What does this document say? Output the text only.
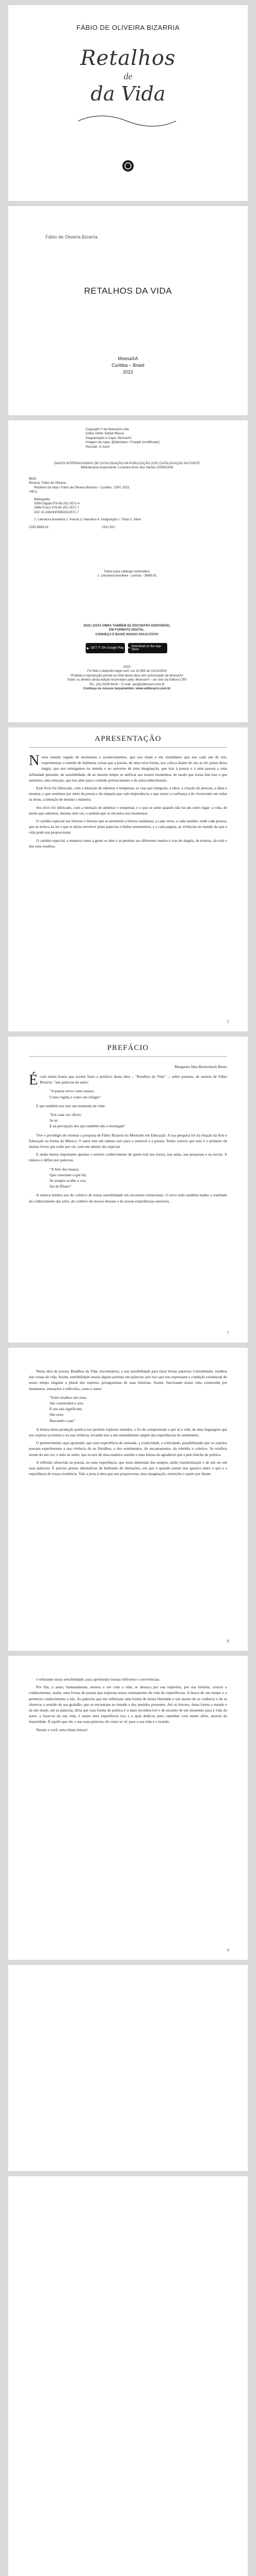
FÁBIO DE OLIVEIRA BIZARRIA
Retalhos
de
da Vida
Fábio de Oliveira Bizarria
RETALHOS DA VIDA
MoesaXA
Curitiba – Brasil
2022
Copyright © da MoesaXA Ltda.
Editor-chefe: Rafael Moura
Diagramação e Capa: MoesaXA
Imagem da capa: @fabiobaru / Freepik (modificado)
Revisão: O Autor
DADOS INTERNACIONAIS DE CATALOGAÇÃO NA PUBLICAÇÃO (CIP) CATALOGAÇÃO NA FONTE
Bibliotecária responsável: Luzenira Alves dos Santos CRB9/1506
B625
Bizarria, Fábio de Oliveira.
Retalhos da Vida / Fábio de Oliveira Bizarria – Curitiba : CRV, 2022.
146 p.
Bibliografia
ISBN Digital 978-65-251-3572-4
ISBN Físico 978-65-251-3571-7
DOI 10.24824/978652513571.7
1. Literatura brasileira 2. Poesia 3. Narrativa 4. Imaginação I. Título II. Série.
CDD B869.91                                                            CDU 821
Índice para catálogo sistemático
1. Literatura brasileira – poesia – B869.91
2022 | ESTA OBRA TAMBÉM SE ENCONTRA DISPONÍVEL
EM FORMATO DIGITAL.
CONHEÇA E BAIXE NOSSO APLICATIVO!
▶ GET IT ON Google Play ● Download on the App Store
2022
Foi feito o depósito legal conf. Lei 10.994 de 14/12/2004
Proibida a reprodução parcial ou total desta obra sem autorização da MoesaXA
Todos os direitos desta edição reservados pela: MoesaXA – um selo da Editora CRV
Tel.: (41) 3039-6418 – E-mail: sac@editoracrv.com.br
Conheça os nossos lançamentos: www.editoracrv.com.br
APRESENTAÇÃO

Nosso mundo regado de momentos e acontecimentos, que nos tiram e em simultâneo que nos cada um de nós, experimentar o sentido de inúmeras coisas que a poesia, de uma certa forma, nos coloca diante de nós ao ler partes desta magia, que nos entregamos no mundo e no universo de uma imaginação, que traz à poesia e à uma pessoa a uma infinidade pulsante, de sensibilidade, de ao mesmo tempo se unificar aos nossos momentos, de modo que nossa fala traz o que sentimos, uma emoção, que nos abre para o sentido pertencimento e do autoconhecimento.

Esse livro foi fabricado, com a intenção de adentrar e tempestar, as vias que integram, a ideia, a criação do pessoal, a ideia e mostrar, o que sentimos por meio da poesia e da empatia que vale importância, e que existe a confiança e do vivenciado em todas as áreas, a intenção de ensinar a maneira.

Seu livro foi fabricado, com a intenção de adentrar e tempestar, e o que se sente quando não há um outro lugar: a vida, de modo que sabemos, mesmo sem ver, o sentido que se encontra nos momentos.

O carinho especial aos leitores e leitoras que se permitem a leitura cuidadosa, a cada verso, a cada sentido, onde cada pessoa, que se arrisca ao ler e que se deixa envolver pelas palavras e lindos sentimentos, e a cada página, as vivências no mundo do que a vida pode nos proporcionar.

O carinho especial, a maneira como a gente se abre e se permite aos diferentes modos e vias de alegria, de tristeza, da vida e dos seus retalhos.

5
PREFÁCIO
Margarete Idea Breitenbach Bento

Écom muita honra que aceitei fazer a prefácio desta obra – "Retalhos da Vida" –, sobre poemas, de autoria de Fábio Bizarria. "nas palavras do autor:

"A poesia serve como ensaio;

Como vigília e como um refugio"

E que também nos traz um momento de vida:

"Em cada vez oficio;

Se ar;

E na percepção dos que também não a enxergam"

Tive o privilégio de orientar a pesquisa de Fábio Bizarria no Mestrado em Educação. A sua pesquisa foi da relação da Arte e Educação na forma da Música. O autor tem um talento raro para o sensível e a poesia. Tenho certeza que este é o primeiro de muitos livros que estão por vir, com um talento tão especial.

E ainda menos importante apontar o notório conhecimento de quem está nos textos, nas aulas, nas pesquisas e na escola. A música o define por palavras:

"A Arte dos musos;

Que consolam o que há;

Se sempre acolhe a voz;

Sai do Ébano"

A música lembra nos do coletivo de nossa sensibilidade em encontros intelectuais. O novo tudo também traduz a realidade do conhecimento das artes, do coletivo de nossos desejos e de nossas experiências sensíveis.

7

Nesta obra de poesia, Retalhos da Vida, encontramos, a sua sensibilidade para fazer brotar palavras. Literalmente, retalhos das coisas da vida. Assim, sensibilidade anseia alguns poemas em palavras: por isso que nos expressam a condição existencial do nosso tempo singular a plural dos sujeitos, protagonistas de suas histórias. Assim, funcionam nossa vida, construída por momentos, sensações e reflexões, como o autor:

"Estes retalhos são seus;

São construídos e aos;

E nos tais significam;

São seus;

Buscando o paz"

A leitura desta produção poética nos permite explorar sentidos, o fio de compreensão e por aí a vida, de uma linguagem que nos explora na leitura e na sua vivência, levando nos a um entendimento amplo das experiências do sentimento.

O pertencimento aqui apontado, que uma experiência de amizade, a criatividade, a criticidade, possibilitando que os sujeitos possam experimentar a sua vivência do eu Retalhos, a dos sentimentos, do encantamento, da rebeldia e coletivo. Se retalhos serem do seu ver, e tudo ao redor, que ocorre de uma maneira sentido e uma leitura de agradável que a pelo fetiche de poética.

A reflexão oferecida na poesia, no uma experiência, que tenta dimensão dos tempos, então transformação e de um ser em suas palavras. É preciso pensar alternativas de habitante de interações, em que o quando poetar nos aparece entre o que e a experiência de nossa existência. Vale a pena à obra que nos proporciona, uma imaginação, restrições e assim por diante.

8

e refinando nossa sensibilidade, para aprofundar nossas reflexões e convivências.

Por fim, o autor, humanamente, mostra a ver com a vida, se destaca por sua trajetória, por sua história, crescer o conhecimento, assim, uma forma de poesia que expressa nosso ensinamento de vida de experiências. A busca de seu tempo e o pertencer conhecimento a nós. As palavras que me refletiram uma forma de muita liberdade e um anseio de se conhecer e de se observar o sentido de sua gratidão, que se encontram no mundo e dos sentidos presentes. Até os leitores, desta forma o mundo e de um modo, até as palavras, diria que essa forma de poética é o mais reconhecível e de encanto de um momento para a vida do autor, o fazer-se da sua vida, é assim uma experiência rica e a qual dedicou para caminhar com muito afeto, através da maturidade. É aquilo que ele, e nas suas palavras, de como se vê, para a sua vida e o mundo.

Desejo a você, uma ótima leitura!

9
